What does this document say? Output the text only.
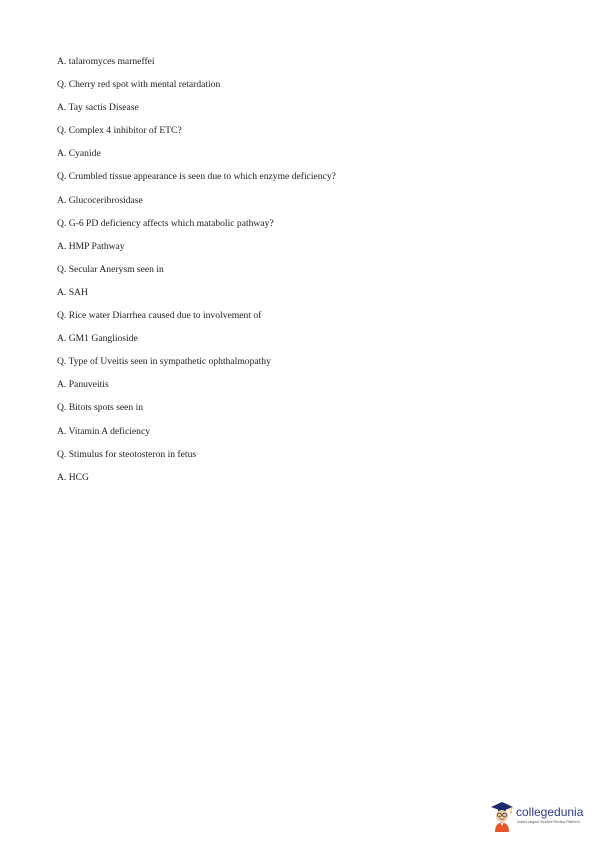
A. talaromyces marneffei
Q. Cherry red spot with mental retardation
A. Tay sactis Disease
Q. Complex 4 inhibitor of ETC?
A. Cyanide
Q. Crumbled tissue appearance is seen due to which enzyme deficiency?
A. Glucoceribrosidase
Q. G-6 PD deficiency affects which matabolic pathway?
A. HMP Pathway
Q. Secular Anerysm seen in
A. SAH
Q. Rice water Diarrhea caused due to involvement of
A. GM1 Ganglioside
Q. Type of Uveitis seen in sympathetic ophthalmopathy
A. Panuveitis
Q. Bitots spots seen in
A. Vitamin A deficiency
Q. Stimulus for steotosteron in fetus
A. HCG
collegedunia
India's largest Student Review Platform
